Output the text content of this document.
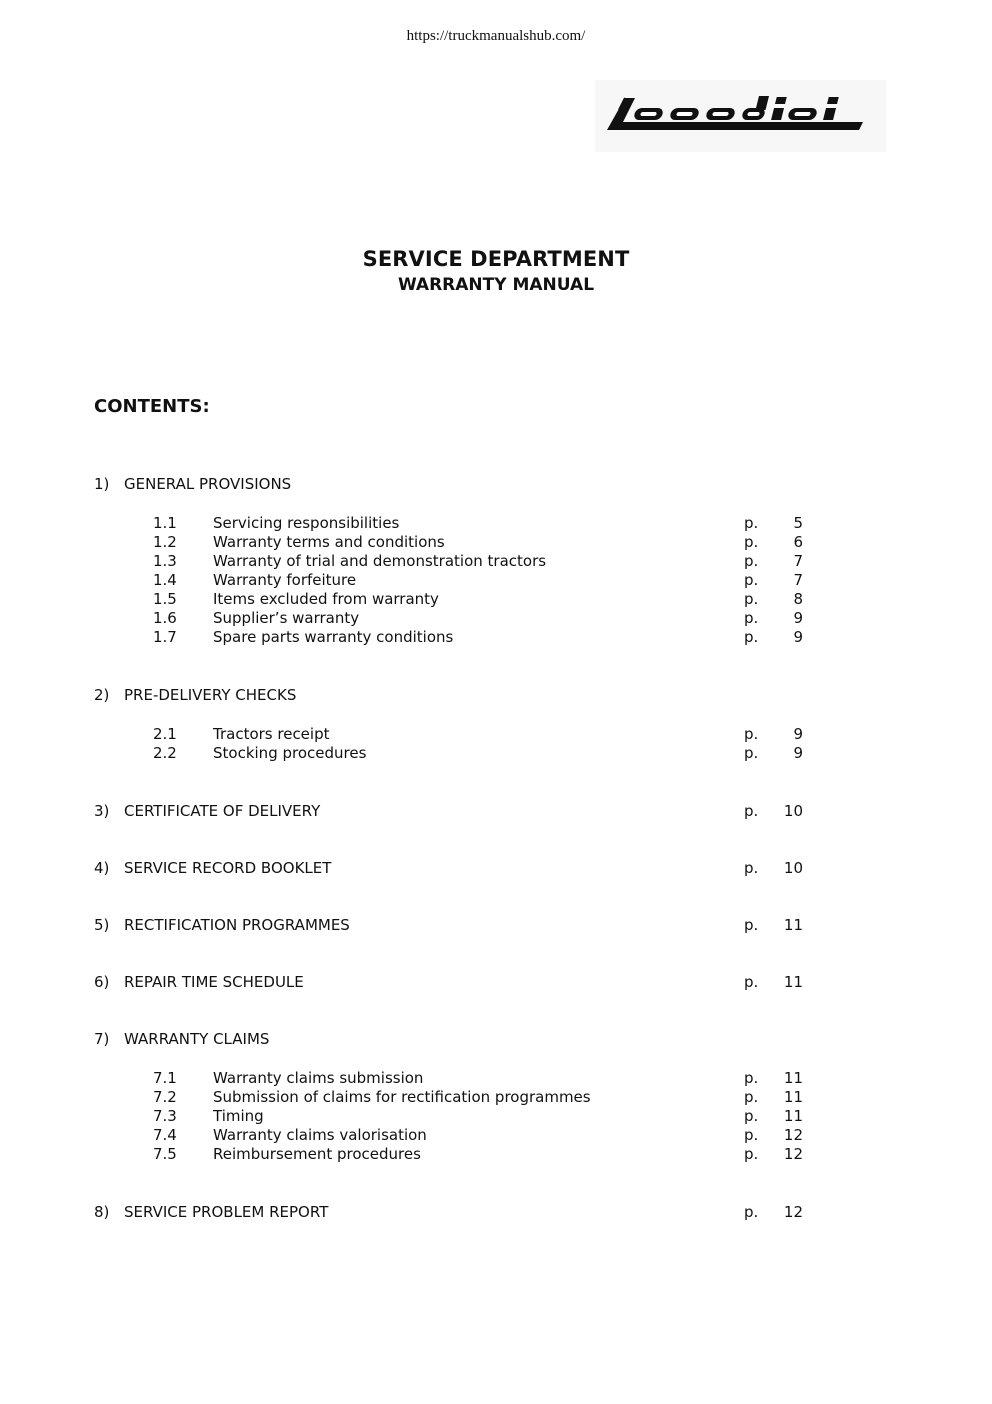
https://truckmanualshub.com/
SERVICE DEPARTMENT
WARRANTY MANUAL
CONTENTS:
1) GENERAL PROVISIONS
1.1 Servicing responsibilities	p.	5
1.2 Warranty terms and conditions	p.	6
1.3 Warranty of trial and demonstration tractors	p.	7
1.4 Warranty forfeiture	p.	7
1.5 Items excluded from warranty	p.	8
1.6 Supplier’s warranty	p.	9
1.7 Spare parts warranty conditions	p.	9
2) PRE-DELIVERY CHECKS
2.1 Tractors receipt	p.	9
2.2 Stocking procedures	p.	9
3) CERTIFICATE OF DELIVERY	p.	10
4) SERVICE RECORD BOOKLET	p.	10
5) RECTIFICATION PROGRAMMES	p.	11
6) REPAIR TIME SCHEDULE	p.	11
7) WARRANTY CLAIMS
7.1 Warranty claims submission	p.	11
7.2 Submission of claims for rectification programmes	p.	11
7.3 Timing	p.	11
7.4 Warranty claims valorisation	p.	12
7.5 Reimbursement procedures	p.	12
8) SERVICE PROBLEM REPORT	p.	12
